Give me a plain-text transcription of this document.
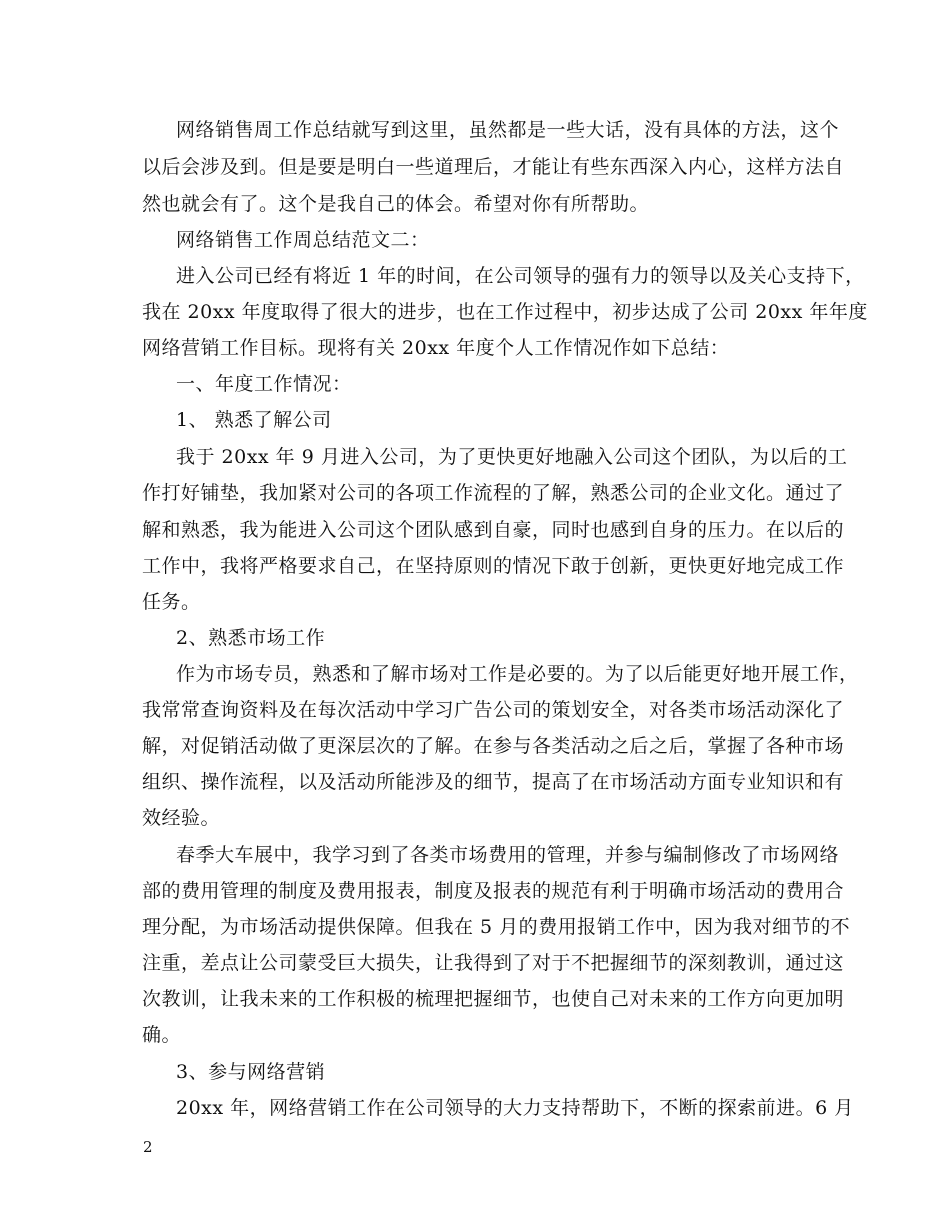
网络销售周工作总结就写到这里，虽然都是一些大话，没有具体的方法，这个
以后会涉及到。但是要是明白一些道理后，才能让有些东西深入内心，这样方法自
然也就会有了。这个是我自己的体会。希望对你有所帮助。
网络销售工作周总结范文二：
进入公司已经有将近 1 年的时间，在公司领导的强有力的领导以及关心支持下，
我在 20xx 年度取得了很大的进步，也在工作过程中，初步达成了公司 20xx 年年度
网络营销工作目标。现将有关 20xx 年度个人工作情况作如下总结：
一、年度工作情况：
1、 熟悉了解公司
我于 20xx 年 9 月进入公司，为了更快更好地融入公司这个团队，为以后的工
作打好铺垫，我加紧对公司的各项工作流程的了解，熟悉公司的企业文化。通过了
解和熟悉，我为能进入公司这个团队感到自豪，同时也感到自身的压力。在以后的
工作中，我将严格要求自己，在坚持原则的情况下敢于创新，更快更好地完成工作
任务。
2、熟悉市场工作
作为市场专员，熟悉和了解市场对工作是必要的。为了以后能更好地开展工作，
我常常查询资料及在每次活动中学习广告公司的策划安全，对各类市场活动深化了
解，对促销活动做了更深层次的了解。在参与各类活动之后之后，掌握了各种市场
组织、操作流程，以及活动所能涉及的细节，提高了在市场活动方面专业知识和有
效经验。
春季大车展中，我学习到了各类市场费用的管理，并参与编制修改了市场网络
部的费用管理的制度及费用报表，制度及报表的规范有利于明确市场活动的费用合
理分配，为市场活动提供保障。但我在 5 月的费用报销工作中，因为我对细节的不
注重，差点让公司蒙受巨大损失，让我得到了对于不把握细节的深刻教训，通过这
次教训，让我未来的工作积极的梳理把握细节，也使自己对未来的工作方向更加明
确。
3、参与网络营销
20xx 年，网络营销工作在公司领导的大力支持帮助下，不断的探索前进。6 月
2
